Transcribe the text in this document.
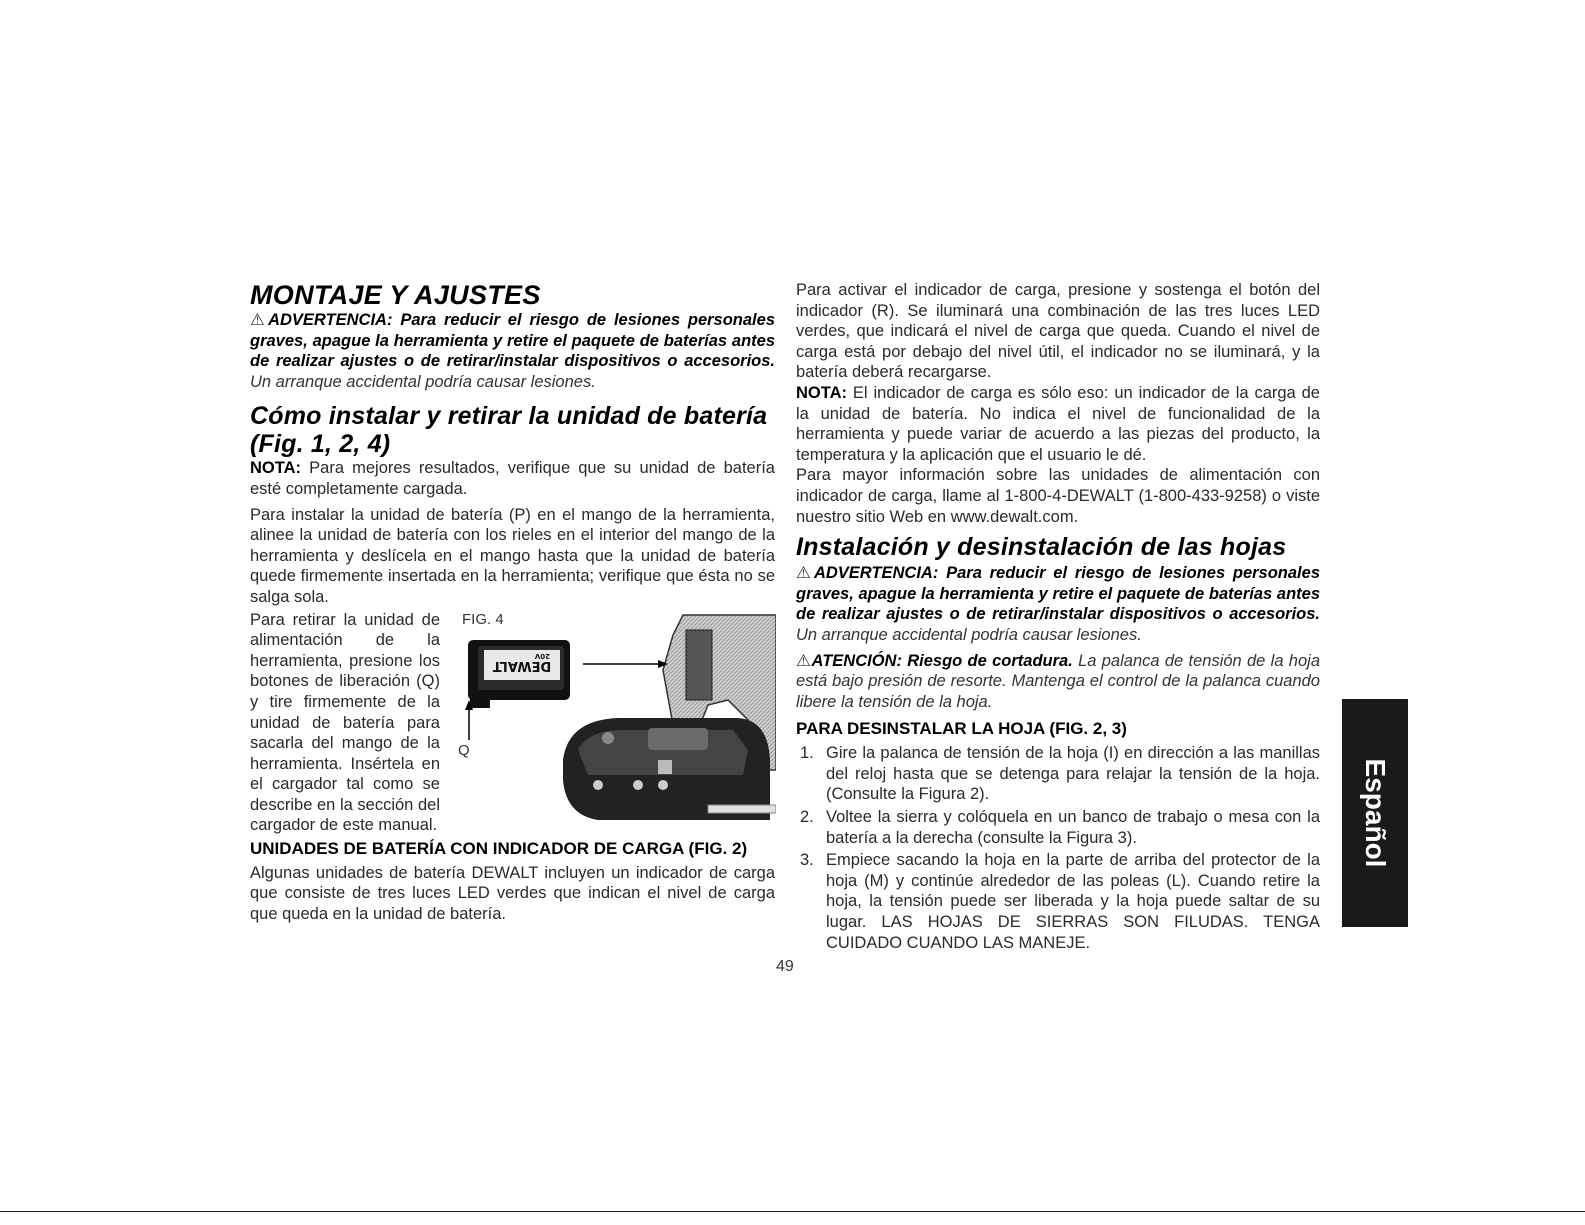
MONTAJE Y AJUSTES

⚠ADVERTENCIA: Para reducir el riesgo de lesiones personales graves, apague la herramienta y retire el paquete de baterías antes de realizar ajustes o de retirar/instalar dispositivos o accesorios. Un arranque accidental podría causar lesiones.

Cómo instalar y retirar la unidad de batería (Fig. 1, 2, 4)

NOTA: Para mejores resultados, verifique que su unidad de batería esté completamente cargada.

Para instalar la unidad de batería (P) en el mango de la herramienta, alinee la unidad de batería con los rieles en el interior del mango de la herramienta y deslícela en el mango hasta que la unidad de batería quede firmemente insertada en la herramienta; verifique que ésta no se salga sola.

Para retirar la unidad de alimentación de la herramienta, presione los botones de liberación (Q) y tire firmemente de la unidad de batería para sacarla del mango de la herramienta. Insértela en el cargador tal como se describe en la sección del cargador de este manual.

FIG. 4
DEWALT
20V
Q
UNIDADES DE BATERÍA CON INDICADOR DE CARGA (FIG. 2)

Algunas unidades de batería DEWALT incluyen un indicador de carga que consiste de tres luces LED verdes que indican el nivel de carga que queda en la unidad de batería.

Para activar el indicador de carga, presione y sostenga el botón del indicador (R). Se iluminará una combinación de las tres luces LED verdes, que indicará el nivel de carga que queda. Cuando el nivel de carga está por debajo del nivel útil, el indicador no se iluminará, y la batería deberá recargarse.

NOTA: El indicador de carga es sólo eso: un indicador de la carga de la unidad de batería. No indica el nivel de funcionalidad de la herramienta y puede variar de acuerdo a las piezas del producto, la temperatura y la aplicación que el usuario le dé.

Para mayor información sobre las unidades de alimentación con indicador de carga, llame al 1-800-4-DEWALT (1-800-433-9258) o viste nuestro sitio Web en www.dewalt.com.

Instalación y desinstalación de las hojas

⚠ADVERTENCIA: Para reducir el riesgo de lesiones personales graves, apague la herramienta y retire el paquete de baterías antes de realizar ajustes o de retirar/instalar dispositivos o accesorios. Un arranque accidental podría causar lesiones.

⚠ATENCIÓN: Riesgo de cortadura. La palanca de tensión de la hoja está bajo presión de resorte. Mantenga el control de la palanca cuando libere la tensión de la hoja.

PARA DESINSTALAR LA HOJA (FIG. 2, 3)
1. Gire la palanca de tensión de la hoja (I) en dirección a las manillas del reloj hasta que se detenga para relajar la tensión de la hoja. (Consulte la Figura 2).
2. Voltee la sierra y colóquela en un banco de trabajo o mesa con la batería a la derecha (consulte la Figura 3).
3. Empiece sacando la hoja en la parte de arriba del protector de la hoja (M) y continúe alrededor de las poleas (L). Cuando retire la hoja, la tensión puede ser liberada y la hoja puede saltar de su lugar. LAS HOJAS DE SIERRAS SON FILUDAS. TENGA CUIDADO CUANDO LAS MANEJE.
Español
49
